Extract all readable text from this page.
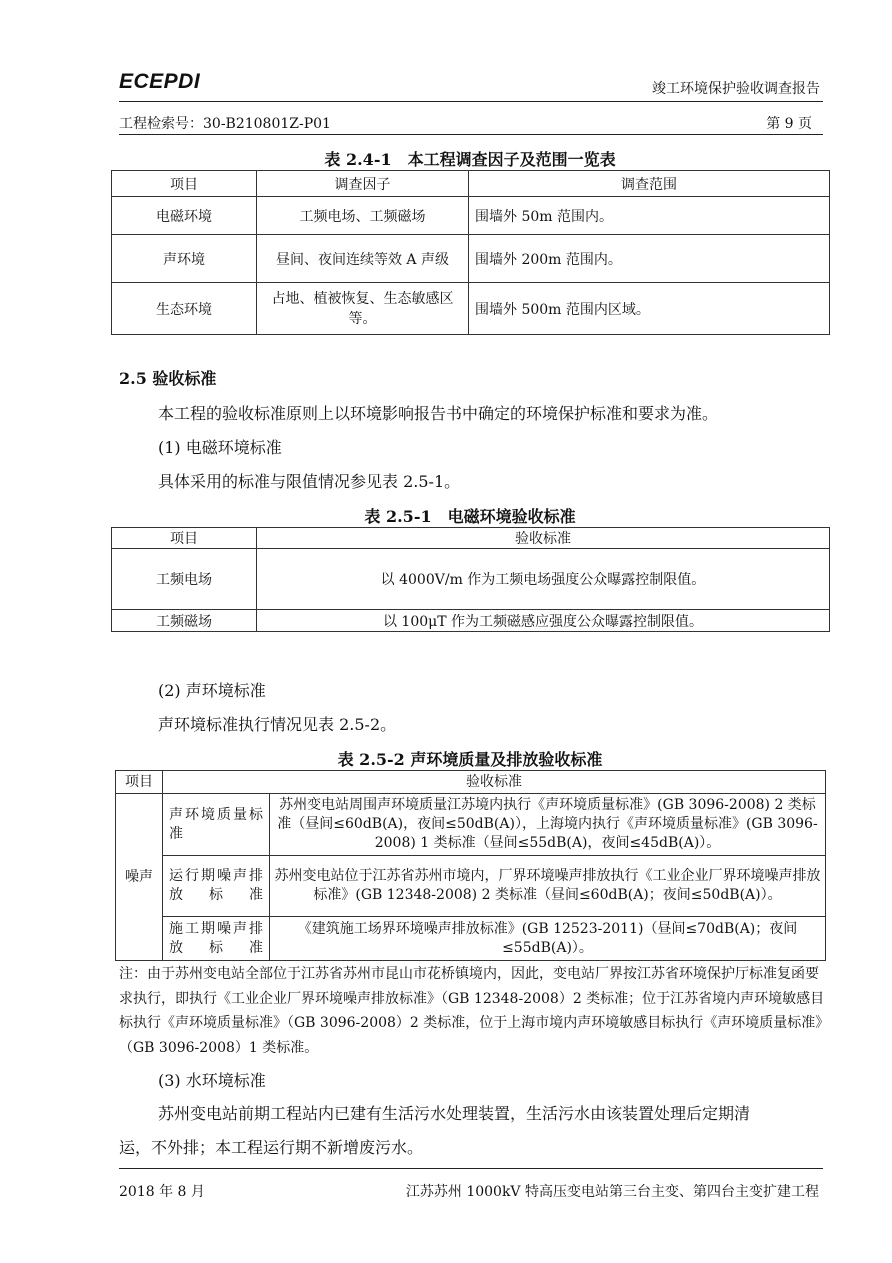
ECEPDI	竣工环境保护验收调查报告
工程检索号：30-B210801Z-P01	第 9 页
表 2.4-1　本工程调查因子及范围一览表
项目	调查因子	调查范围
电磁环境	工频电场、工频磁场	围墙外 50m 范围内。
声环境	昼间、夜间连续等效 A 声级	围墙外 200m 范围内。
生态环境	占地、植被恢复、生态敏感区等。	围墙外 500m 范围内区域。
2.5 验收标准
本工程的验收标准原则上以环境影响报告书中确定的环境保护标准和要求为准。
(1) 电磁环境标准
具体采用的标准与限值情况参见表 2.5-1。
表 2.5-1　电磁环境验收标准
项目	验收标准
工频电场	以 4000V/m 作为工频电场强度公众曝露控制限值。
工频磁场	以 100μT 作为工频磁感应强度公众曝露控制限值。
(2) 声环境标准
声环境标准执行情况见表 2.5-2。
表 2.5-2 声环境质量及排放验收标准
项目	验收标准	
噪声	声环境质量标准	苏州变电站周围声环境质量江苏境内执行《声环境质量标准》(GB 3096-2008) 2 类标准（昼间≤60dB(A)，夜间≤50dB(A)），上海境内执行《声环境质量标准》(GB 3096-2008) 1 类标准（昼间≤55dB(A)，夜间≤45dB(A)）。
	运行期噪声排放标准	苏州变电站位于江苏省苏州市境内，厂界环境噪声排放执行《工业企业厂界环境噪声排放标准》(GB 12348-2008) 2 类标准（昼间≤60dB(A)；夜间≤50dB(A)）。
	施工期噪声排放标准	《建筑施工场界环境噪声排放标准》(GB 12523-2011)（昼间≤70dB(A)；夜间≤55dB(A)）。
注：由于苏州变电站全部位于江苏省苏州市昆山市花桥镇境内，因此，变电站厂界按江苏省环境保护厅标准复函要求执行，即执行《工业企业厂界环境噪声排放标准》（GB 12348-2008）2 类标准；位于江苏省境内声环境敏感目标执行《声环境质量标准》（GB 3096-2008）2 类标准，位于上海市境内声环境敏感目标执行《声环境质量标准》（GB 3096-2008）1 类标准。
(3) 水环境标准
苏州变电站前期工程站内已建有生活污水处理装置，生活污水由该装置处理后定期清
运，不外排；本工程运行期不新增废污水。
2018 年 8 月	江苏苏州 1000kV 特高压变电站第三台主变、第四台主变扩建工程
